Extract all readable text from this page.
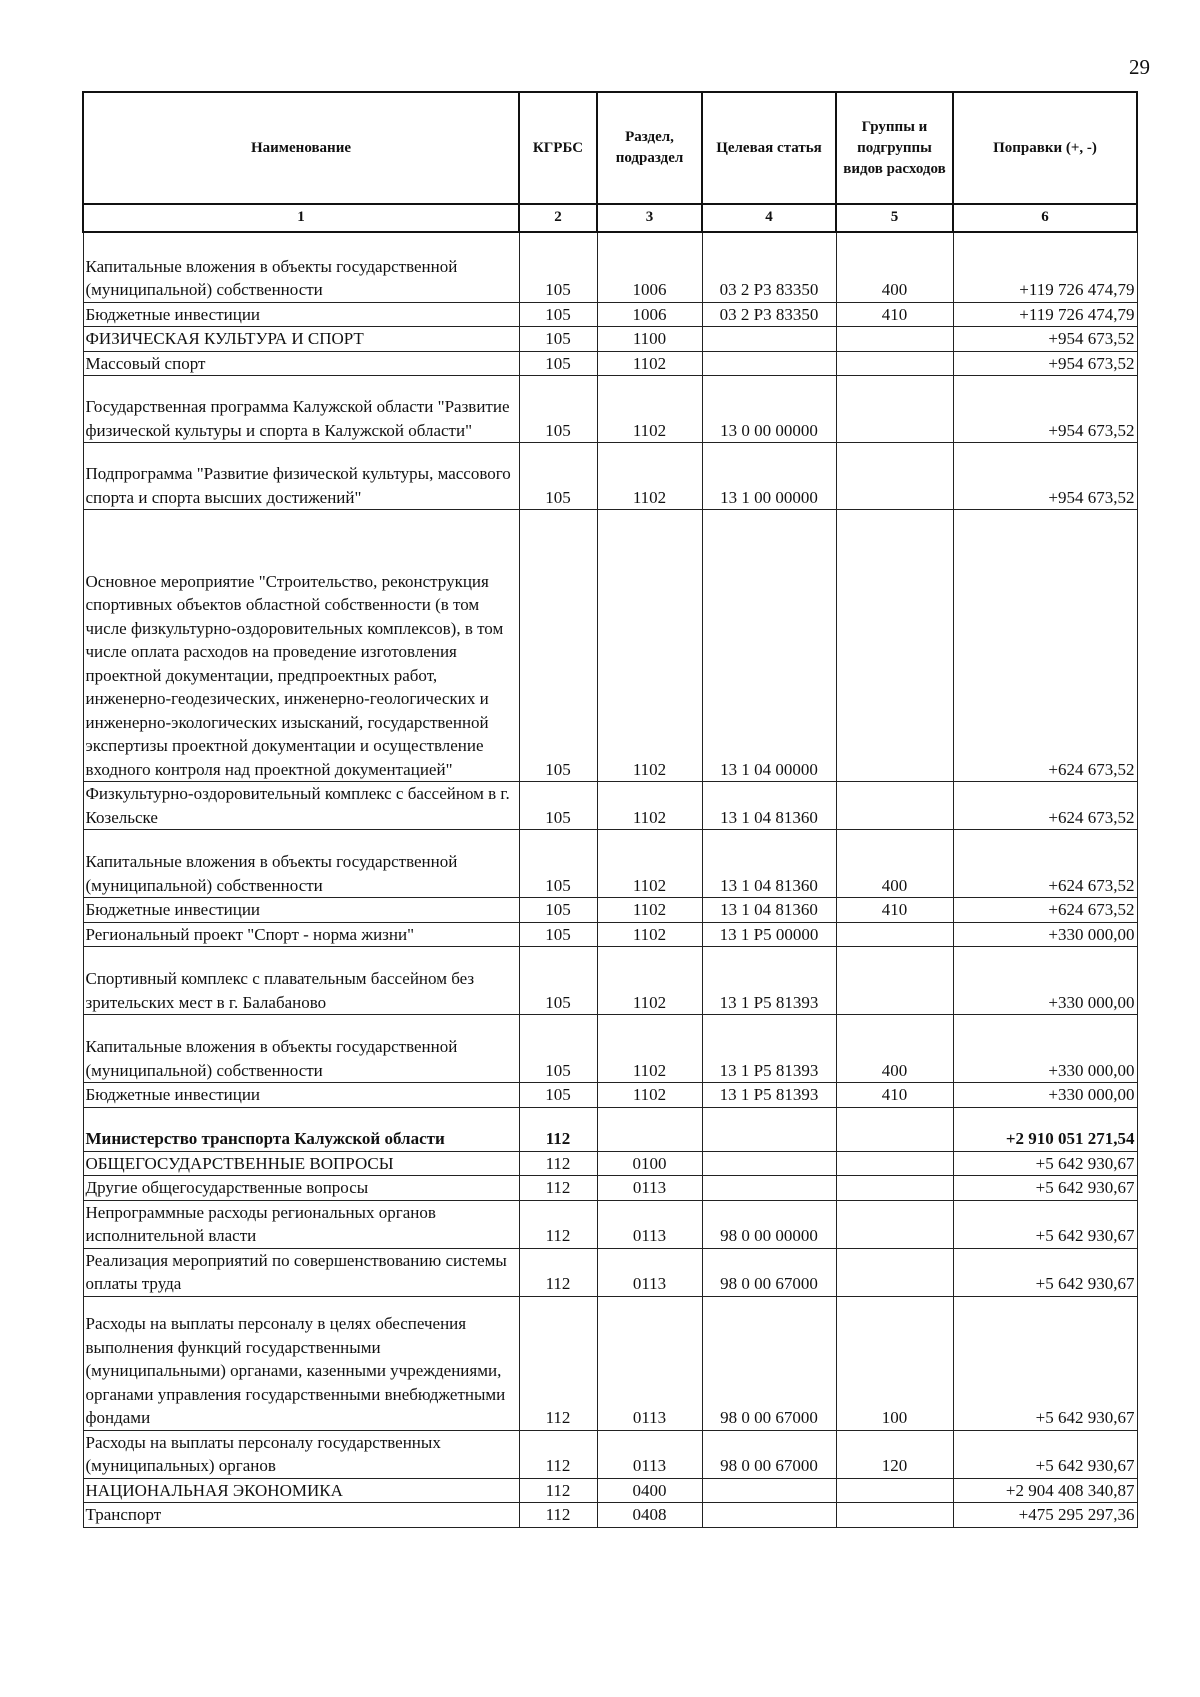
29
Наименование	КГРБС	Раздел, подраздел	Целевая статья	Группы и подгруппы видов расходов	Поправки (+, -)
1	2	3	4	5	6
Капитальные вложения в объекты государственной (муниципальной) собственности	105	1006	03 2 P3 83350	400	+119 726 474,79
Бюджетные инвестиции	105	1006	03 2 P3 83350	410	+119 726 474,79
ФИЗИЧЕСКАЯ КУЛЬТУРА И СПОРТ	105	1100			+954 673,52
Массовый спорт	105	1102			+954 673,52
Государственная программа Калужской области "Развитие физической культуры и спорта в Калужской области"	105	1102	13 0 00 00000		+954 673,52
Подпрограмма "Развитие физической культуры, массового спорта и спорта высших достижений"	105	1102	13 1 00 00000		+954 673,52
Основное мероприятие "Строительство, реконструкция спортивных объектов областной собственности (в том числе физкультурно-оздоровительных комплексов), в том числе оплата расходов на проведение изготовления проектной документации, предпроектных работ, инженерно-геодезических, инженерно-геологических и инженерно-экологических изысканий, государственной экспертизы проектной документации и осуществление входного контроля над проектной документацией"	105	1102	13 1 04 00000		+624 673,52
Физкультурно-оздоровительный комплекс с бассейном в г. Козельске	105	1102	13 1 04 81360		+624 673,52
Капитальные вложения в объекты государственной (муниципальной) собственности	105	1102	13 1 04 81360	400	+624 673,52
Бюджетные инвестиции	105	1102	13 1 04 81360	410	+624 673,52
Региональный проект "Спорт - норма жизни"	105	1102	13 1 P5 00000		+330 000,00
Спортивный комплекс с плавательным бассейном без зрительских мест в г. Балабаново	105	1102	13 1 P5 81393		+330 000,00
Капитальные вложения в объекты государственной (муниципальной) собственности	105	1102	13 1 P5 81393	400	+330 000,00
Бюджетные инвестиции	105	1102	13 1 P5 81393	410	+330 000,00
Министерство транспорта Калужской области	112				+2 910 051 271,54
ОБЩЕГОСУДАРСТВЕННЫЕ ВОПРОСЫ	112	0100			+5 642 930,67
Другие общегосударственные вопросы	112	0113			+5 642 930,67
Непрограммные расходы региональных органов исполнительной власти	112	0113	98 0 00 00000		+5 642 930,67
Реализация мероприятий по совершенствованию системы оплаты труда	112	0113	98 0 00 67000		+5 642 930,67
Расходы на выплаты персоналу в целях обеспечения выполнения функций государственными (муниципальными) органами, казенными учреждениями, органами управления государственными внебюджетными фондами	112	0113	98 0 00 67000	100	+5 642 930,67
Расходы на выплаты персоналу государственных (муниципальных) органов	112	0113	98 0 00 67000	120	+5 642 930,67
НАЦИОНАЛЬНАЯ ЭКОНОМИКА	112	0400			+2 904 408 340,87
Транспорт	112	0408			+475 295 297,36
